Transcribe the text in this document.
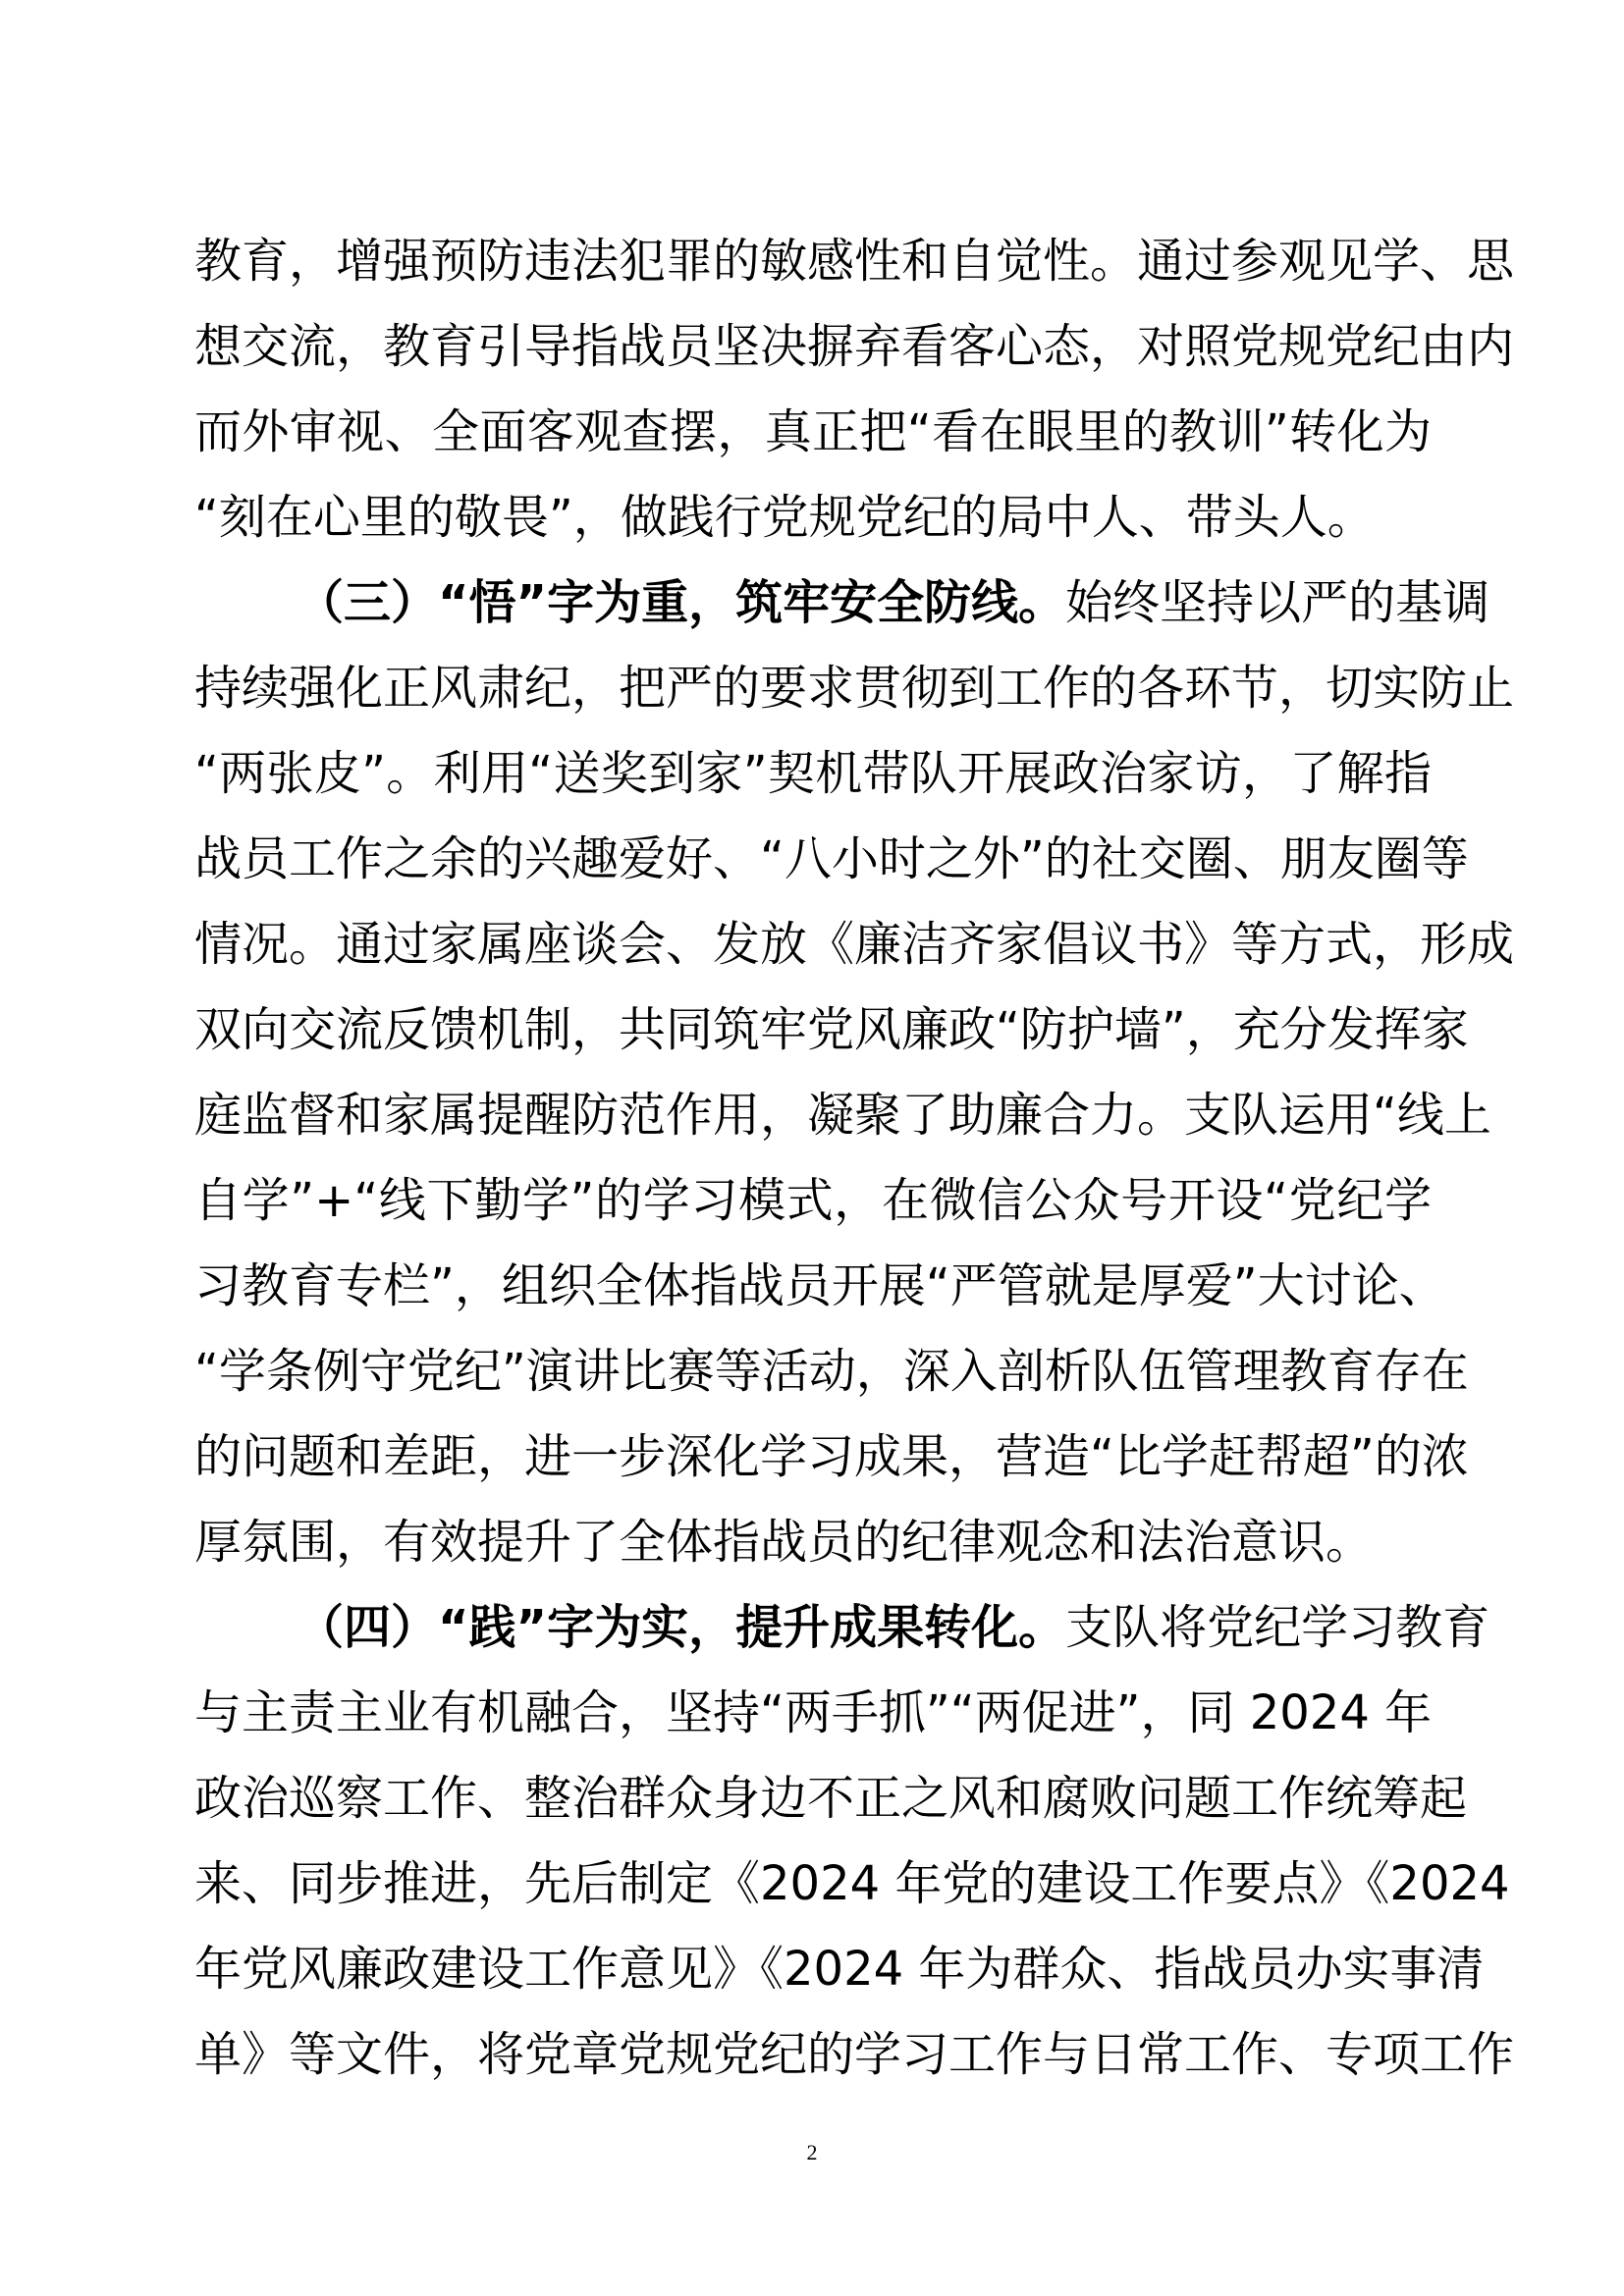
教育，增强预防违法犯罪的敏感性和自觉性。通过参观见学、思
想交流，教育引导指战员坚决摒弃看客心态，对照党规党纪由内
而外审视、全面客观查摆，真正把“看在眼里的教训”转化为
“刻在心里的敬畏”，做践行党规党纪的局中人、带头人。
（三）“悟”字为重，筑牢安全防线。始终坚持以严的基调
持续强化正风肃纪，把严的要求贯彻到工作的各环节，切实防止
“两张皮”。利用“送奖到家”契机带队开展政治家访，了解指
战员工作之余的兴趣爱好、“八小时之外”的社交圈、朋友圈等
情况。通过家属座谈会、发放《廉洁齐家倡议书》等方式，形成
双向交流反馈机制，共同筑牢党风廉政“防护墙”，充分发挥家
庭监督和家属提醒防范作用，凝聚了助廉合力。支队运用“线上
自学”+“线下勤学”的学习模式，在微信公众号开设“党纪学
习教育专栏”，组织全体指战员开展“严管就是厚爱”大讨论、
“学条例守党纪”演讲比赛等活动，深入剖析队伍管理教育存在
的问题和差距，进一步深化学习成果，营造“比学赶帮超”的浓
厚氛围，有效提升了全体指战员的纪律观念和法治意识。
（四）“践”字为实，提升成果转化。支队将党纪学习教育
与主责主业有机融合，坚持“两手抓”“两促进”，同 2024 年
政治巡察工作、整治群众身边不正之风和腐败问题工作统筹起
来、同步推进，先后制定《2024 年党的建设工作要点》《2024
年党风廉政建设工作意见》《2024 年为群众、指战员办实事清
单》等文件，将党章党规党纪的学习工作与日常工作、专项工作
2
